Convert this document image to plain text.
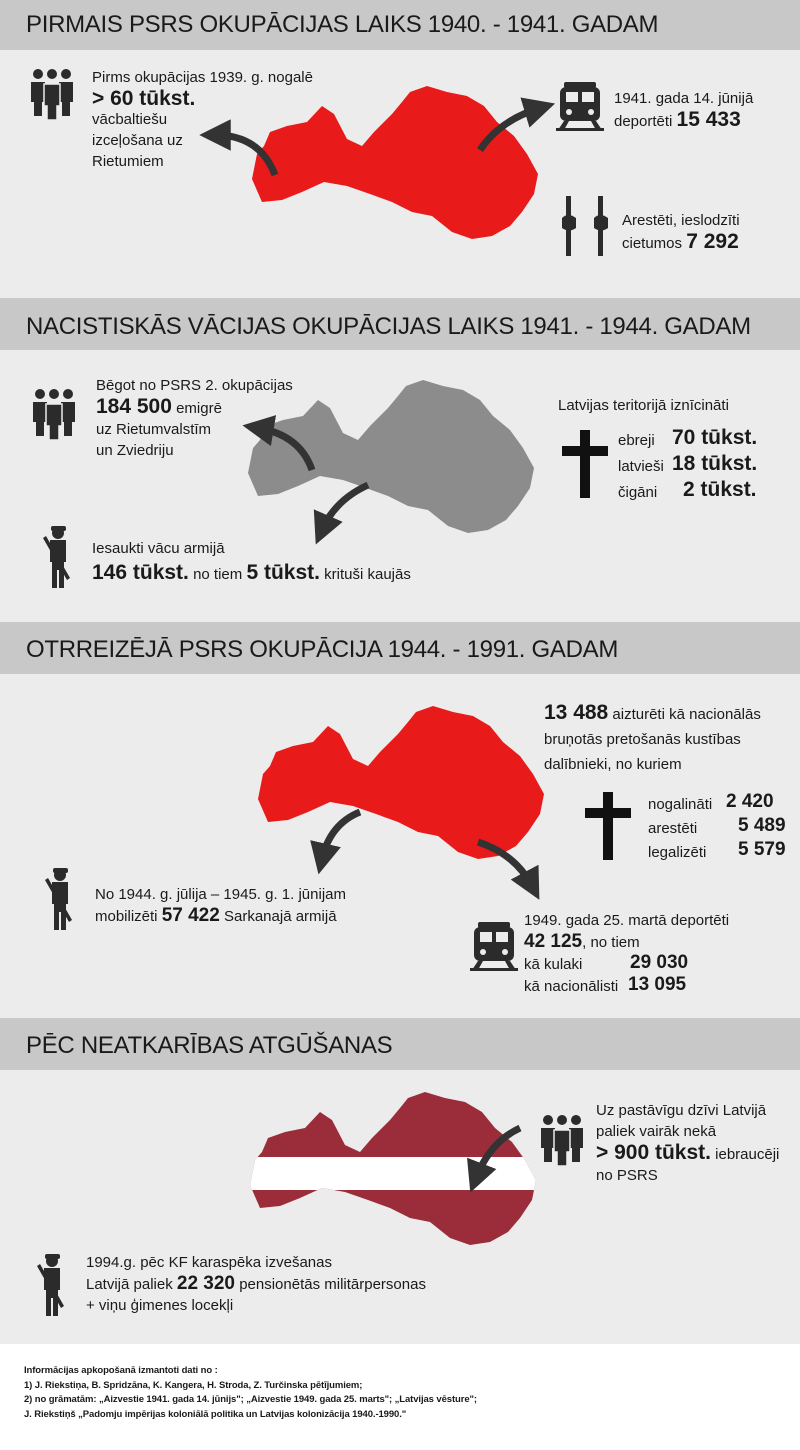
PIRMAIS PSRS OKUPĀCIJAS LAIKS 1940. - 1941. GADAM
Pirms okupācijas 1939. g. nogalē
> 60 tūkst.
vācbaltiešu
izceļošana uz
Rietumiem
1941. gada 14. jūnijā
deportēti 15 433
Arestēti, ieslodzīti
cietumos 7 292
NACISTISKĀS VĀCIJAS OKUPĀCIJAS LAIKS 1941. - 1944. GADAM
Bēgot no PSRS 2. okupācijas
184 500 emigrē
uz Rietumvalstīm
un Zviedriju
Latvijas teritorijā iznīcināti
ebreji 70 tūkst.
latvieši 18 tūkst.
čigāni 2 tūkst.
Iesaukti vācu armijā
146 tūkst. no tiem 5 tūkst. krituši kaujās
OTRREIZĒJĀ PSRS OKUPĀCIJA 1944. - 1991. GADAM
13 488 aizturēti kā nacionālās
bruņotās pretošanās kustības
dalībnieki, no kuriem
nogalināti 2 420
arestēti 5 489
legalizēti 5 579
No 1944. g. jūlija – 1945. g. 1. jūnijam
mobilizēti 57 422 Sarkanajā armijā	1949. gada 25. martā deportēti
42 125, no tiem
kā kulaki	29 030
kā nacionālisti 13 095
PĒC NEATKARĪBAS ATGŪŠANAS
Uz pastāvīgu dzīvi Latvijā
paliek vairāk nekā
> 900 tūkst. iebraucēji
no PSRS
1994.g. pēc KF karaspēka izvešanas
Latvijā paliek 22 320 pensionētās militārpersonas
+ viņu ģimenes locekļi
Informācijas apkopošanā izmantoti dati no :
1) J. Riekstiņa, B. Spridzāna, K. Kangera, H. Stroda, Z. Turčinska pētījumiem;
2) no grāmatām: „Aizvestie 1941. gada 14. jūnijs"; „Aizvestie 1949. gada 25. marts"; „Latvijas vēsture";
J. Riekstiņš „Padomju impērijas koloniālā politika un Latvijas kolonizācija 1940.-1990."
